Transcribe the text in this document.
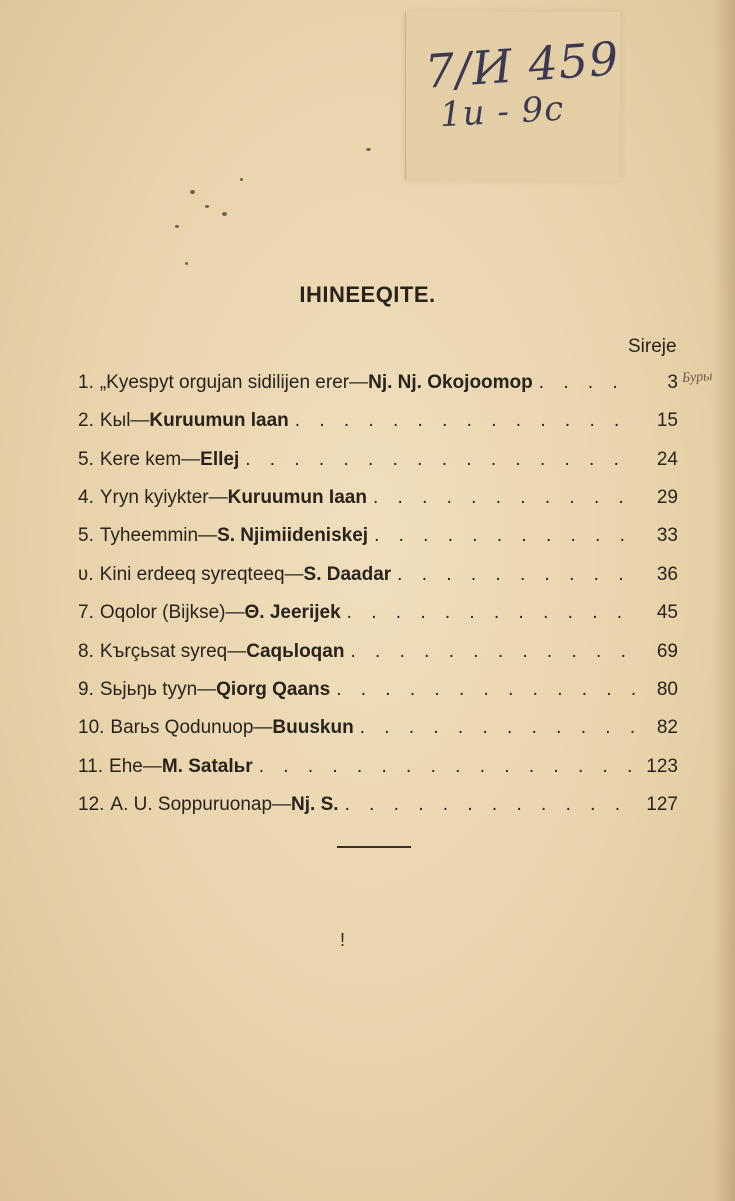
7/И 459
1и - 9с
Буры
IHINEEQITE.
Sireje
1. „Kyespyt orgujan sidilijen erer— Nj. Nj. Okojoomop . . .	3
2. Kыl— Kuruumun laan . . .	15
5. Kere kem— Ellej . . .	24
4. Yryn kyiykter— Kuruumun Iaan . . .	29
5. Tyheemmin— S. Njimiideniskej . . .	33
ʋ. Kini erdeeq syreqteeq— S. Daadar . . .	36
7. Oqolor (Bijkse)— Θ. Jeerijek . . .	45
8. Kъrçьsat syreq— Caqьloqan . . .	69
9. Sьjьŋь tyyn— Qiorg Qaans . . .	80
10. Barьs Qodunuop— Buuskun . . .	82
11. Ehe— M. Satalьr . . .	123
12. A. U. Soppuruonap— Nj. S. . . .	127
!
